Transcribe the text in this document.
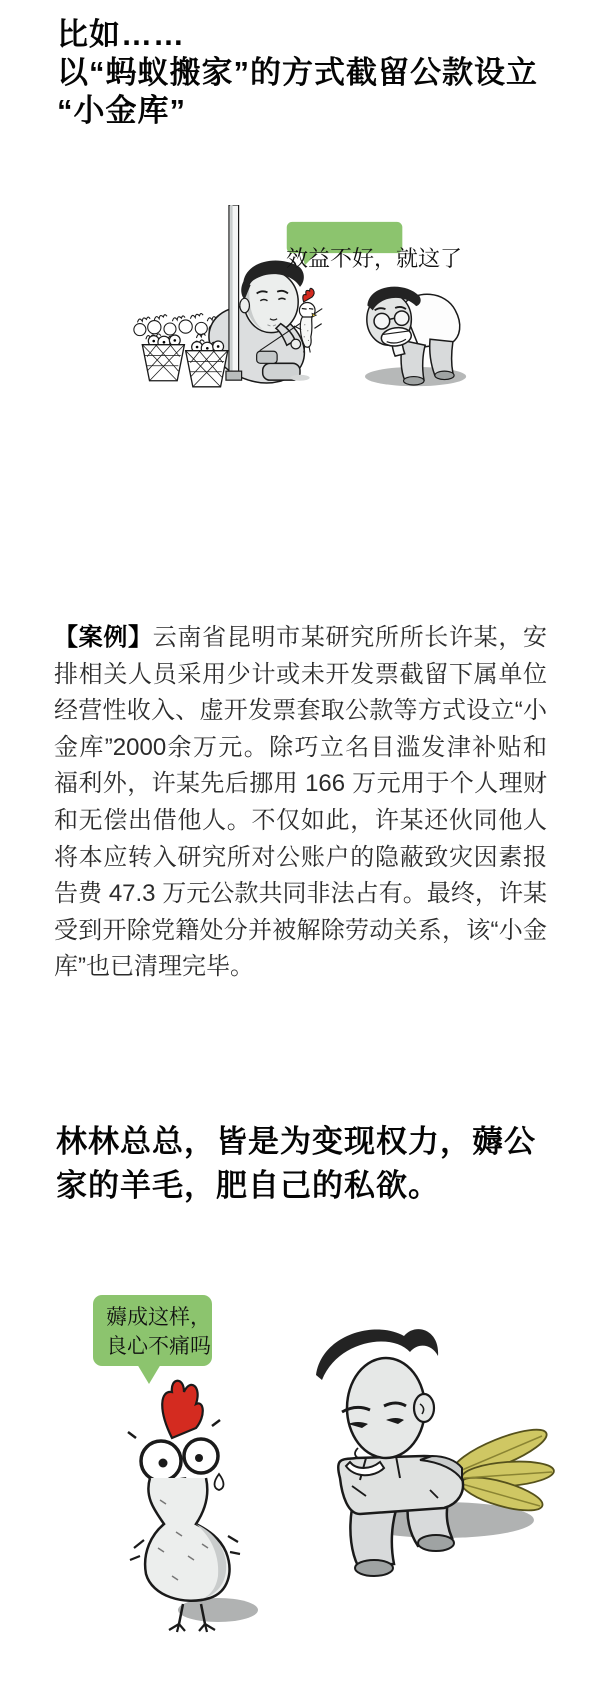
比如……
以“蚂蚁搬家”的方式截留公款设立
“小金库”
效益不好，就这了

【案例】云南省昆明市某研究所所长许某，安排相关人员采用少计或未开发票截留下属单位经营性收入、虚开发票套取公款等方式设立“小金库”2000余万元。除巧立名目滥发津补贴和福利外，许某先后挪用 166 万元用于个人理财和无偿出借他人。不仅如此，许某还伙同他人将本应转入研究所对公账户的隐蔽致灾因素报告费 47.3 万元公款共同非法占有。最终，许某受到开除党籍处分并被解除劳动关系，该“小金库”也已清理完毕。

林林总总，皆是为变现权力，薅公家的羊毛，肥自己的私欲。
薅成这样，
良心不痛吗
